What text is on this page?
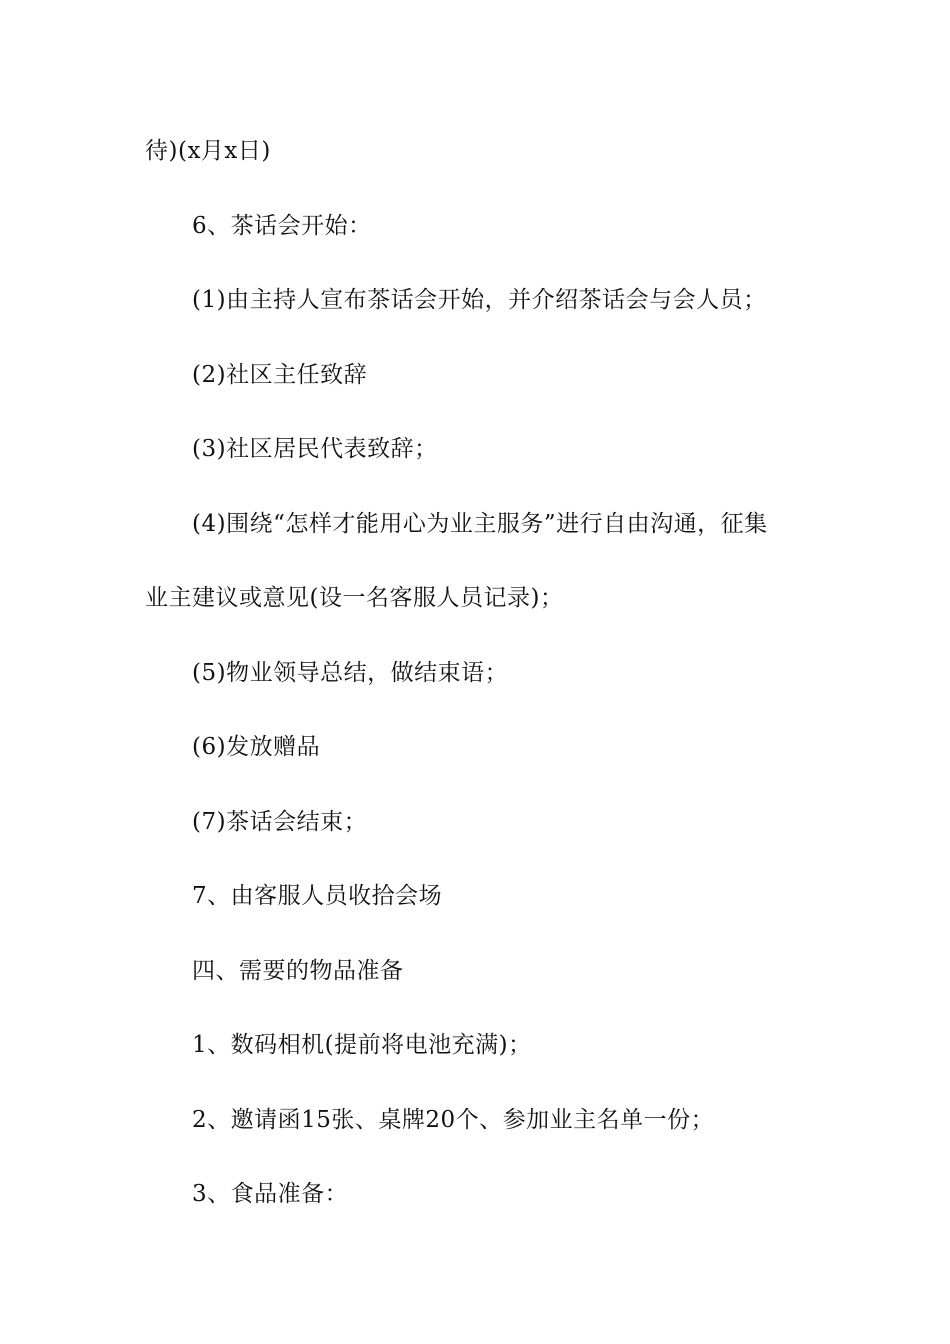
待)(x月x日)
6、茶话会开始：
(1)由主持人宣布茶话会开始，并介绍茶话会与会人员；
(2)社区主任致辞
(3)社区居民代表致辞；
(4)围绕“怎样才能用心为业主服务”进行自由沟通，征集
业主建议或意见(设一名客服人员记录)；
(5)物业领导总结，做结束语；
(6)发放赠品
(7)茶话会结束；
7、由客服人员收拾会场
四、需要的物品准备
1、数码相机(提前将电池充满)；
2、邀请函15张、桌牌20个、参加业主名单一份；
3、食品准备：
